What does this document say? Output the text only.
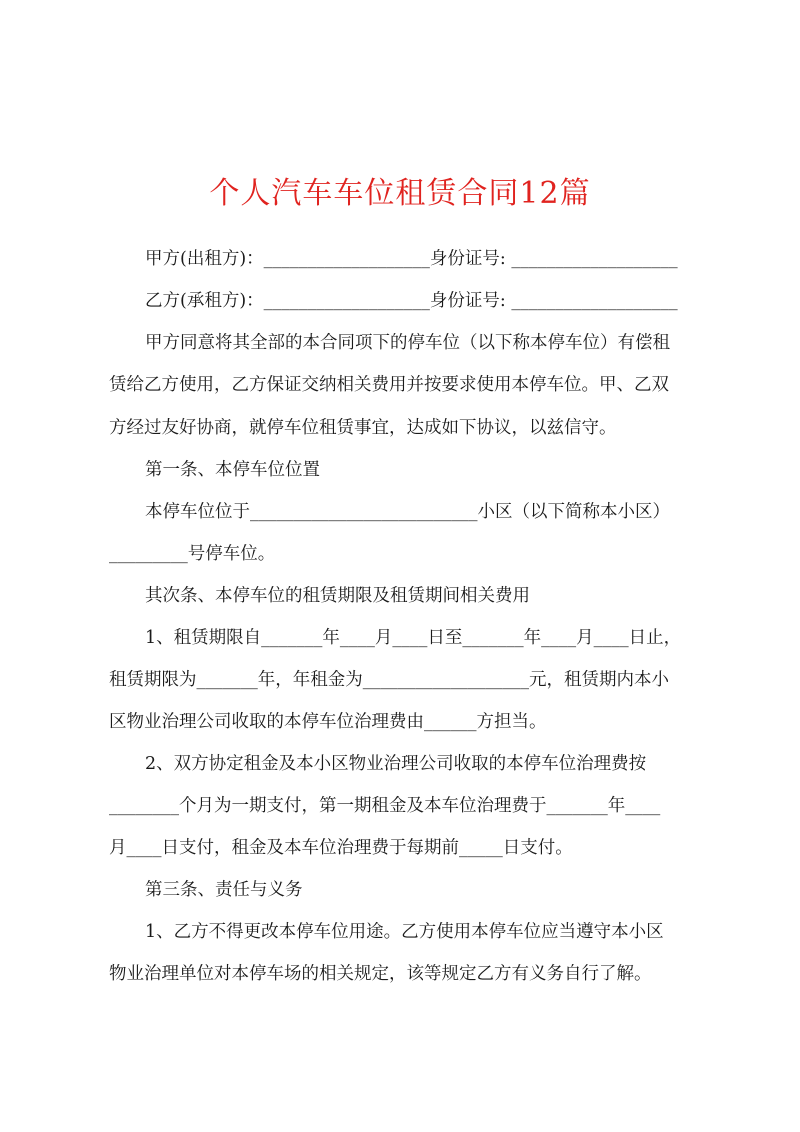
个人汽车车位租赁合同12篇
甲方(出租方)：___________________身份证号: ___________________
乙方(承租方)：___________________身份证号: ___________________
甲方同意将其全部的本合同项下的停车位（以下称本停车位）有偿租
赁给乙方使用，乙方保证交纳相关费用并按要求使用本停车位。甲、乙双
方经过友好协商，就停车位租赁事宜，达成如下协议，以兹信守。
第一条、本停车位位置
本停车位位于__________________________小区（以下简称本小区）
_________号停车位。
其次条、本停车位的租赁期限及租赁期间相关费用
1、租赁期限自_______年____月____日至_______年____月____日止，
租赁期限为_______年，年租金为___________________元，租赁期内本小
区物业治理公司收取的本停车位治理费由______方担当。
2、双方协定租金及本小区物业治理公司收取的本停车位治理费按
________个月为一期支付，第一期租金及本车位治理费于_______年____
月____日支付，租金及本车位治理费于每期前_____日支付。
第三条、责任与义务
1、乙方不得更改本停车位用途。乙方使用本停车位应当遵守本小区
物业治理单位对本停车场的相关规定，该等规定乙方有义务自行了解。
